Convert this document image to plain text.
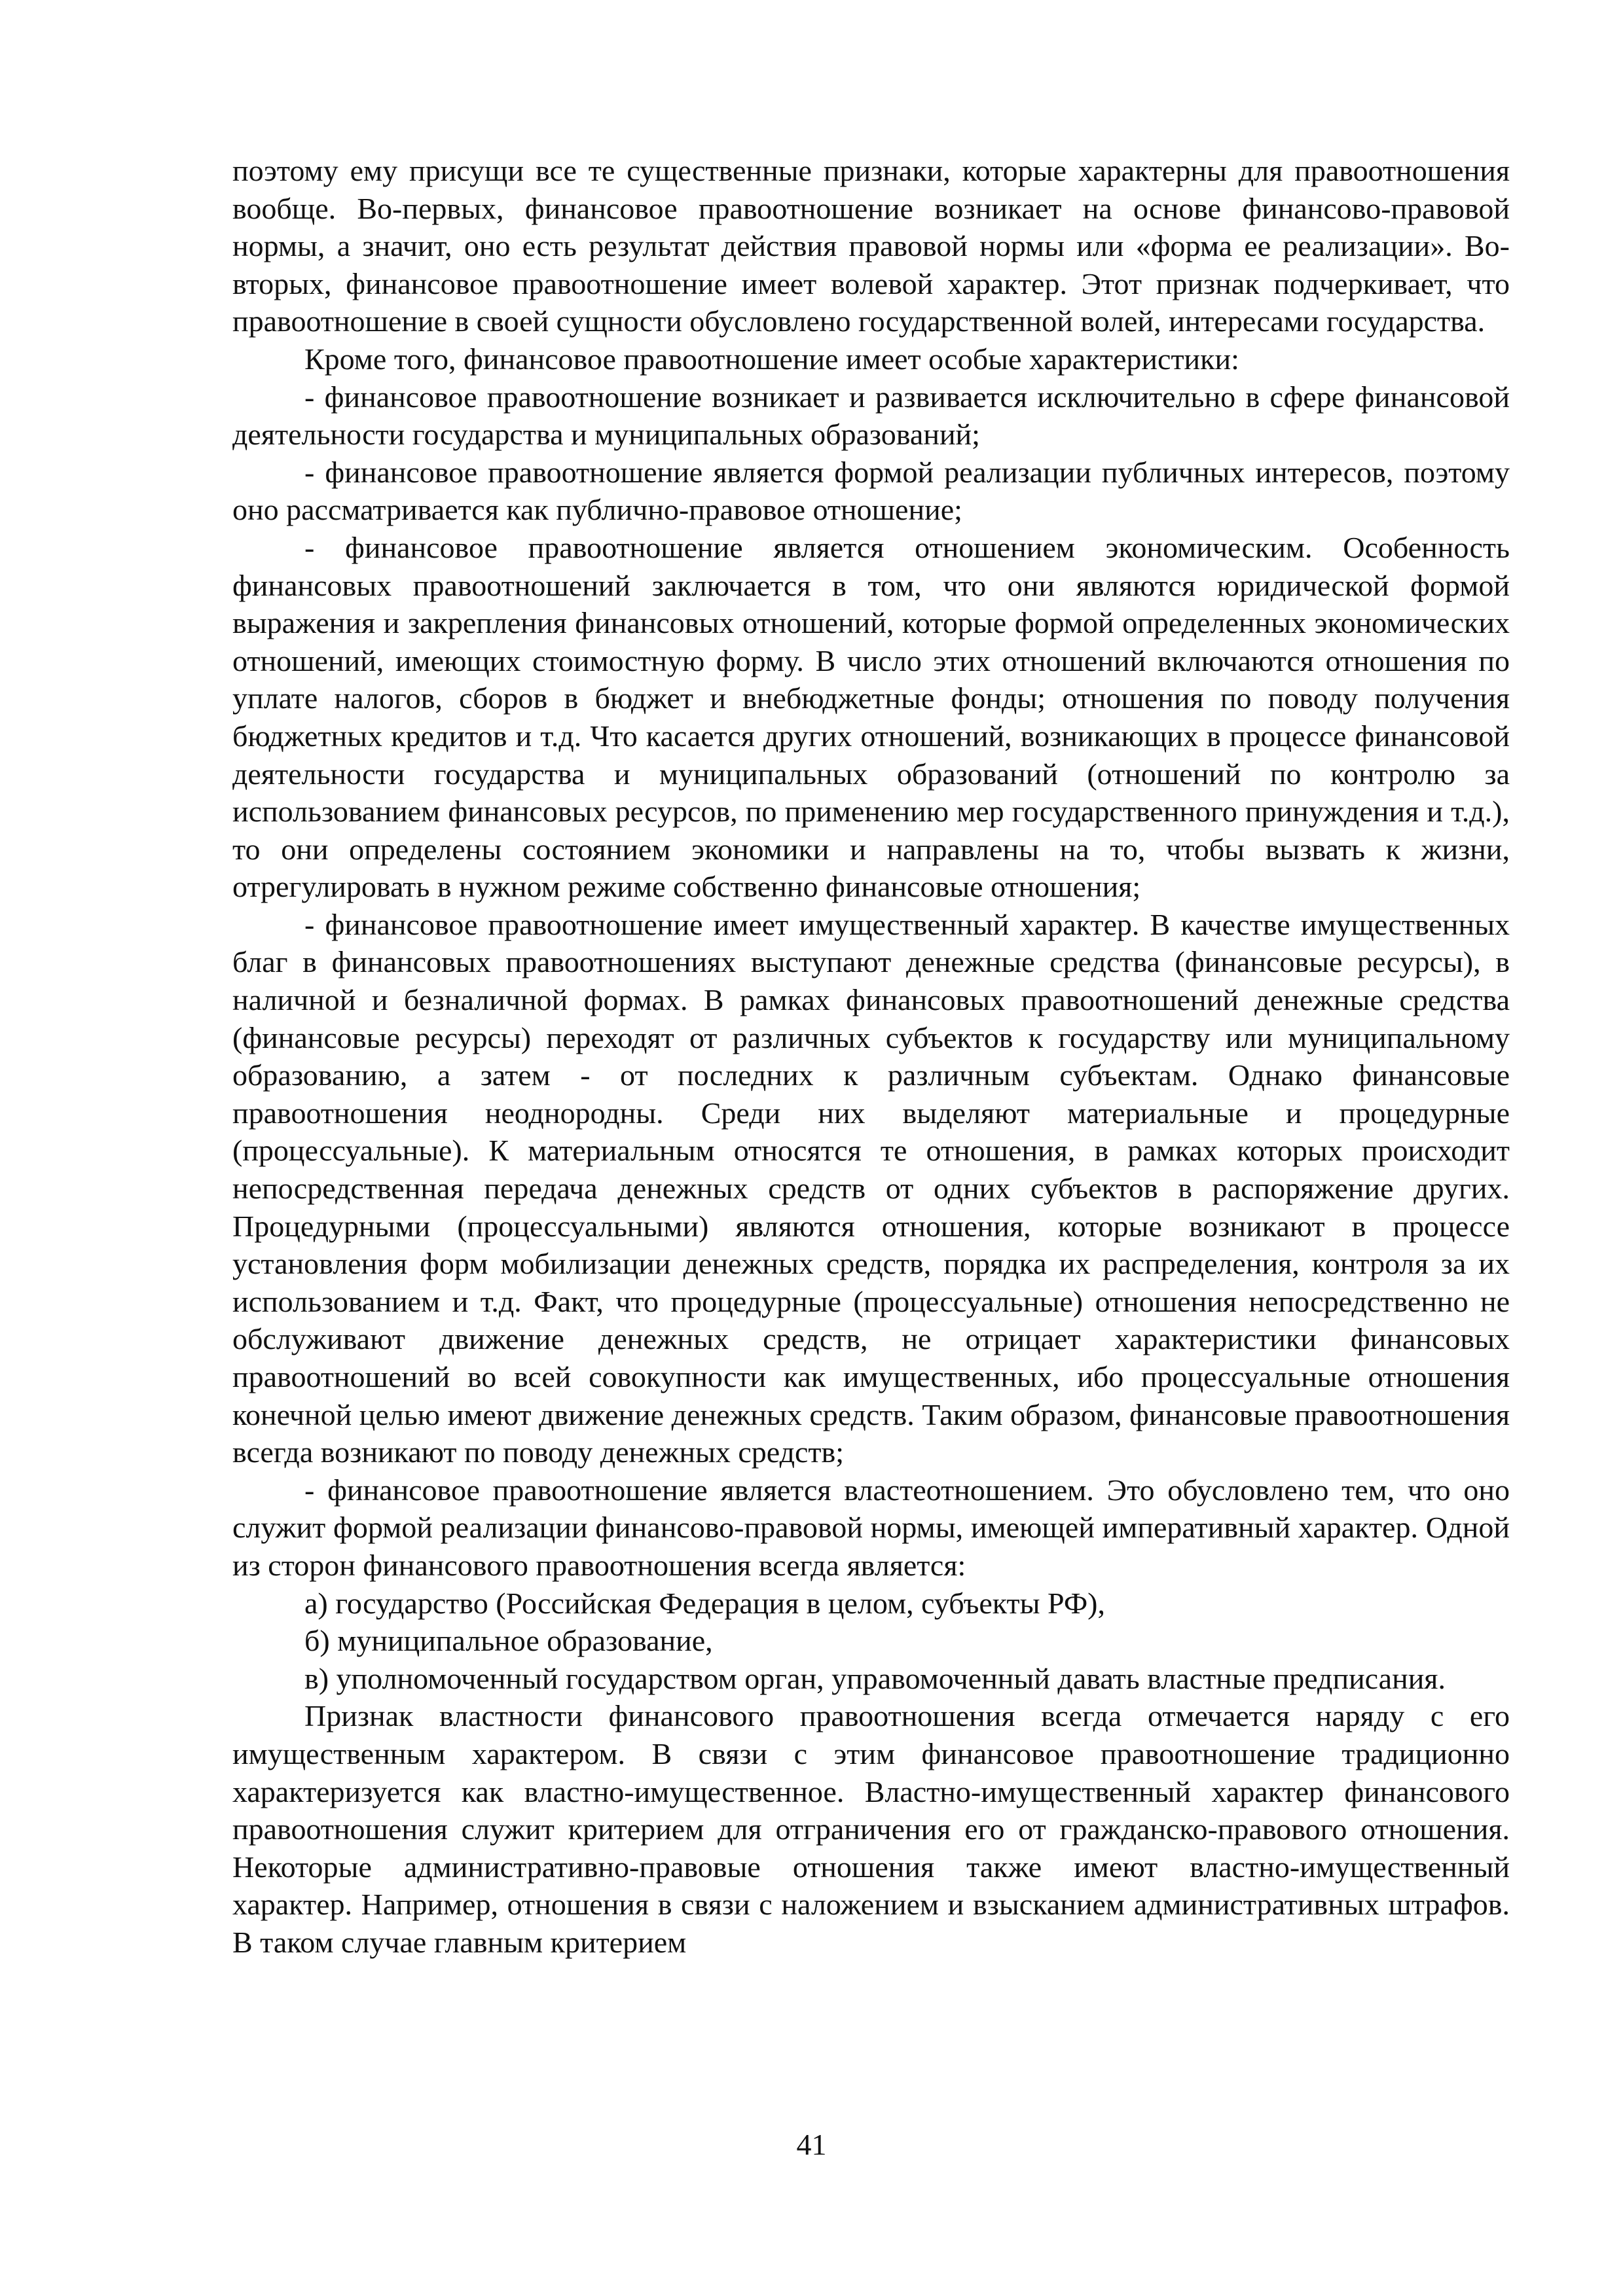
поэтому ему присущи все те существенные признаки, которые характерны для правоотношения вообще. Во-первых, финансовое правоотношение возникает на основе финансово-правовой нормы, а значит, оно есть результат действия правовой нормы или «форма ее реализации». Во-вторых, финансовое правоотношение имеет волевой характер. Этот признак подчеркивает, что правоотношение в своей сущности обусловлено государственной волей, интересами государства.

Кроме того, финансовое правоотношение имеет особые характеристики:

- финансовое правоотношение возникает и развивается исключительно в сфере финансовой деятельности государства и муниципальных образований;

- финансовое правоотношение является формой реализации публичных интересов, поэтому оно рассматривается как публично-правовое отношение;

- финансовое правоотношение является отношением экономическим. Особенность финансовых правоотношений заключается в том, что они являются юридической формой выражения и закрепления финансовых отношений, которые формой определенных экономических отношений, имеющих стоимостную форму. В число этих отношений включаются отношения по уплате налогов, сборов в бюджет и внебюджетные фонды; отношения по поводу получения бюджетных кредитов и т.д. Что касается других отношений, возникающих в процессе финансовой деятельности государства и муниципальных образований (отношений по контролю за использованием финансовых ресурсов, по применению мер государственного принуждения и т.д.), то они определены состоянием экономики и направлены на то, чтобы вызвать к жизни, отрегулировать в нужном режиме собственно финансовые отношения;

- финансовое правоотношение имеет имущественный характер. В качестве имущественных благ в финансовых правоотношениях выступают денежные средства (финансовые ресурсы), в наличной и безналичной формах. В рамках финансовых правоотношений денежные средства (финансовые ресурсы) переходят от различных субъектов к государству или муниципальному образованию, а затем - от последних к различным субъектам. Однако финансовые правоотношения неоднородны. Среди них выделяют материальные и процедурные (процессуальные). К материальным относятся те отношения, в рамках которых происходит непосредственная передача денежных средств от одних субъектов в распоряжение других. Процедурными (процессуальными) являются отношения, которые возникают в процессе установления форм мобилизации денежных средств, порядка их распределения, контроля за их использованием и т.д. Факт, что процедурные (процессуальные) отношения непосредственно не обслуживают движение денежных средств, не отрицает характеристики финансовых правоотношений во всей совокупности как имущественных, ибо процессуальные отношения конечной целью имеют движение денежных средств. Таким образом, финансовые правоотношения всегда возникают по поводу денежных средств;

- финансовое правоотношение является властеотношением. Это обусловлено тем, что оно служит формой реализации финансово-правовой нормы, имеющей императивный характер. Одной из сторон финансового правоотношения всегда является:

а) государство (Российская Федерация в целом, субъекты РФ),

б) муниципальное образование,

в) уполномоченный государством орган, управомоченный давать властные предписания.

Признак властности финансового правоотношения всегда отмечается наряду с его имущественным характером. В связи с этим финансовое правоотношение традиционно характеризуется как властно-имущественное. Властно-имущественный характер финансового правоотношения служит критерием для отграничения его от гражданско-правового отношения. Некоторые административно-правовые отношения также имеют властно-имущественный характер. Например, отношения в связи с наложением и взысканием административных штрафов. В таком случае главным критерием

41
